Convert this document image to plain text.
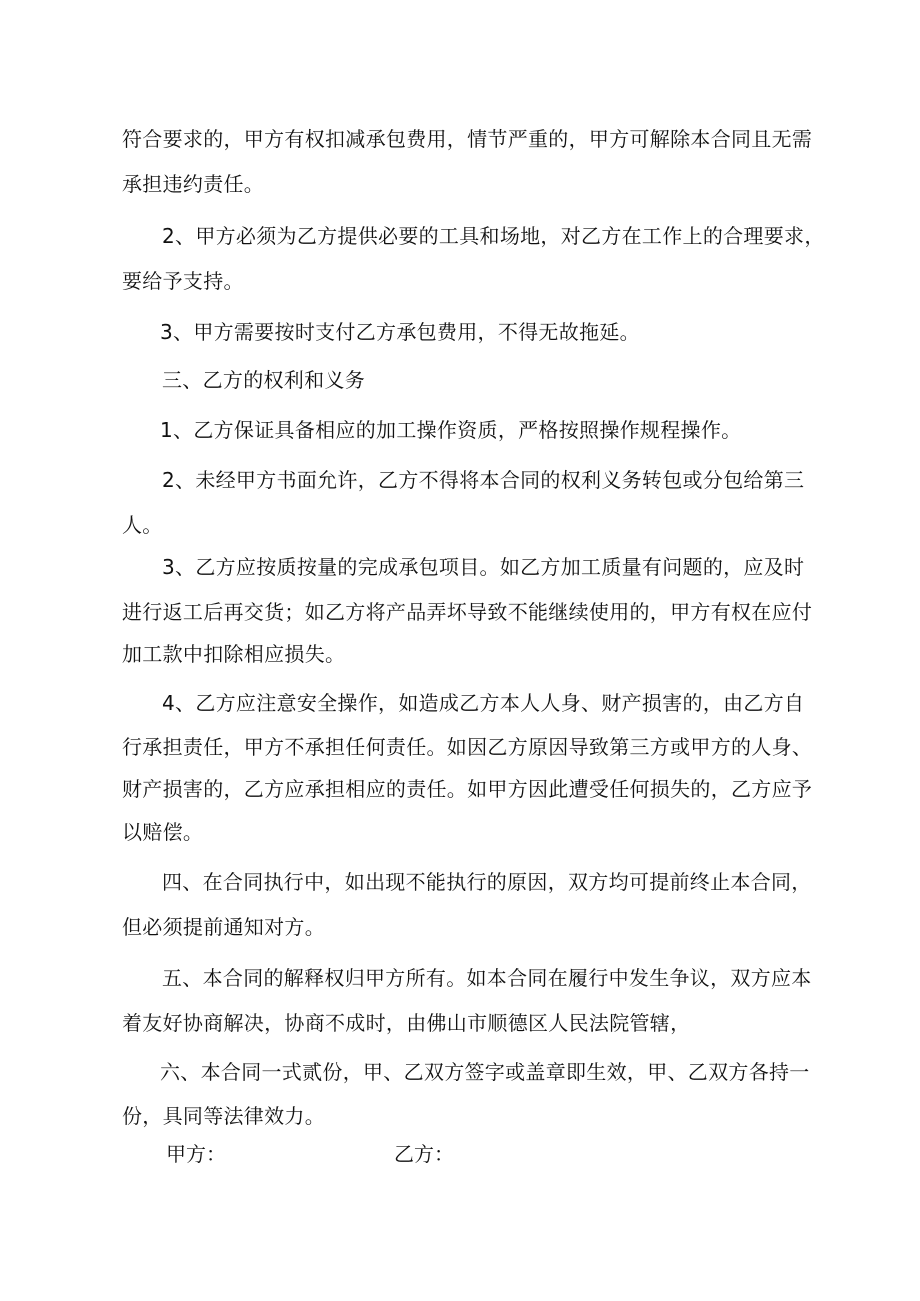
符合要求的，甲方有权扣减承包费用，情节严重的，甲方可解除本合同且无需
承担违约责任。
2、甲方必须为乙方提供必要的工具和场地，对乙方在工作上的合理要求，
要给予支持。
3、甲方需要按时支付乙方承包费用，不得无故拖延。
三、乙方的权利和义务
1、乙方保证具备相应的加工操作资质，严格按照操作规程操作。
2、未经甲方书面允许，乙方不得将本合同的权利义务转包或分包给第三
人。
3、乙方应按质按量的完成承包项目。如乙方加工质量有问题的，应及时
进行返工后再交货；如乙方将产品弄坏导致不能继续使用的，甲方有权在应付
加工款中扣除相应损失。
4、乙方应注意安全操作，如造成乙方本人人身、财产损害的，由乙方自
行承担责任，甲方不承担任何责任。如因乙方原因导致第三方或甲方的人身、
财产损害的，乙方应承担相应的责任。如甲方因此遭受任何损失的，乙方应予
以赔偿。
四、在合同执行中，如出现不能执行的原因，双方均可提前终止本合同，
但必须提前通知对方。
五、本合同的解释权归甲方所有。如本合同在履行中发生争议，双方应本
着友好协商解决，协商不成时，由佛山市顺德区人民法院管辖，
六、本合同一式贰份，甲、乙双方签字或盖章即生效，甲、乙双方各持一
份，具同等法律效力。
甲方：	乙方：
